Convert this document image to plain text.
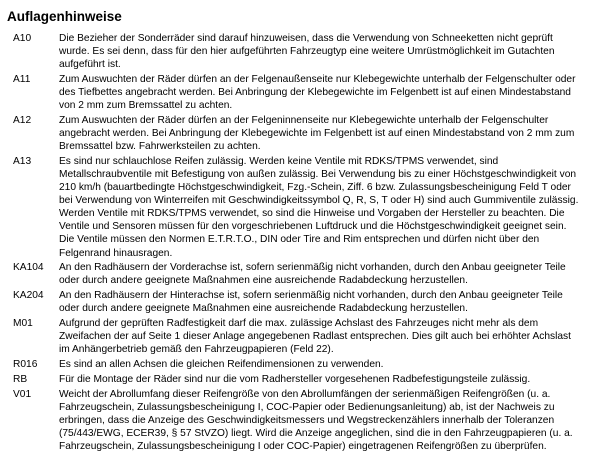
Auflagenhinweise
A10	Die Bezieher der Sonderräder sind darauf hinzuweisen, dass die Verwendung von Schneeketten nicht geprüft
wurde. Es sei denn, dass für den hier aufgeführten Fahrzeugtyp eine weitere Umrüstmöglichkeit im Gutachten
aufgeführt ist.
A11	Zum Auswuchten der Räder dürfen an der Felgenaußenseite nur Klebegewichte unterhalb der Felgenschulter oder
des Tiefbettes angebracht werden. Bei Anbringung der Klebegewichte im Felgenbett ist auf einen Mindestabstand
von 2 mm zum Bremssattel zu achten.
A12	Zum Auswuchten der Räder dürfen an der Felgeninnenseite nur Klebegewichte unterhalb der Felgenschulter
angebracht werden. Bei Anbringung der Klebegewichte im Felgenbett ist auf einen Mindestabstand von 2 mm zum
Bremssattel bzw. Fahrwerksteilen zu achten.
A13	Es sind nur schlauchlose Reifen zulässig. Werden keine Ventile mit RDKS/TPMS verwendet, sind
Metallschraubventile mit Befestigung von außen zulässig. Bei Verwendung bis zu einer Höchstgeschwindigkeit von
210 km/h (bauartbedingte Höchstgeschwindigkeit, Fzg.-Schein, Ziff. 6 bzw. Zulassungsbescheinigung Feld T oder
bei Verwendung von Winterreifen mit Geschwindigkeitssymbol Q, R, S, T oder H) sind auch Gummiventile zulässig.
Werden Ventile mit RDKS/TPMS verwendet, so sind die Hinweise und Vorgaben der Hersteller zu beachten. Die
Ventile und Sensoren müssen für den vorgeschriebenen Luftdruck und die Höchstgeschwindigkeit geeignet sein.
Die Ventile müssen den Normen E.T.R.T.O., DIN oder Tire and Rim entsprechen und dürfen nicht über den
Felgenrand hinausragen.
KA104	An den Radhäusern der Vorderachse ist, sofern serienmäßig nicht vorhanden, durch den Anbau geeigneter Teile
oder durch andere geeignete Maßnahmen eine ausreichende Radabdeckung herzustellen.
KA204	An den Radhäusern der Hinterachse ist, sofern serienmäßig nicht vorhanden, durch den Anbau geeigneter Teile
oder durch andere geeignete Maßnahmen eine ausreichende Radabdeckung herzustellen.
M01	Aufgrund der geprüften Radfestigkeit darf die max. zulässige Achslast des Fahrzeuges nicht mehr als dem
Zweifachen der auf Seite 1 dieser Anlage angegebenen Radlast entsprechen. Dies gilt auch bei erhöhter Achslast
im Anhängerbetrieb gemäß den Fahrzeugpapieren (Feld 22).
R016	Es sind an allen Achsen die gleichen Reifendimensionen zu verwenden.
RB	Für die Montage der Räder sind nur die vom Radhersteller vorgesehenen Radbefestigungsteile zulässig.
V01	Weicht der Abrollumfang dieser Reifengröße von den Abrollumfängen der serienmäßigen Reifengrößen (u. a.
Fahrzeugschein, Zulassungsbescheinigung I, COC-Papier oder Bedienungsanleitung) ab, ist der Nachweis zu
erbringen, dass die Anzeige des Geschwindigkeitsmessers und Wegstreckenzählers innerhalb der Toleranzen
(75/443/EWG, ECER39, § 57 StVZO) liegt. Wird die Anzeige angeglichen, sind die in den Fahrzeugpapieren (u. a.
Fahrzeugschein, Zulassungsbescheinigung I oder COC-Papier) eingetragenen Reifengrößen zu überprüfen.
